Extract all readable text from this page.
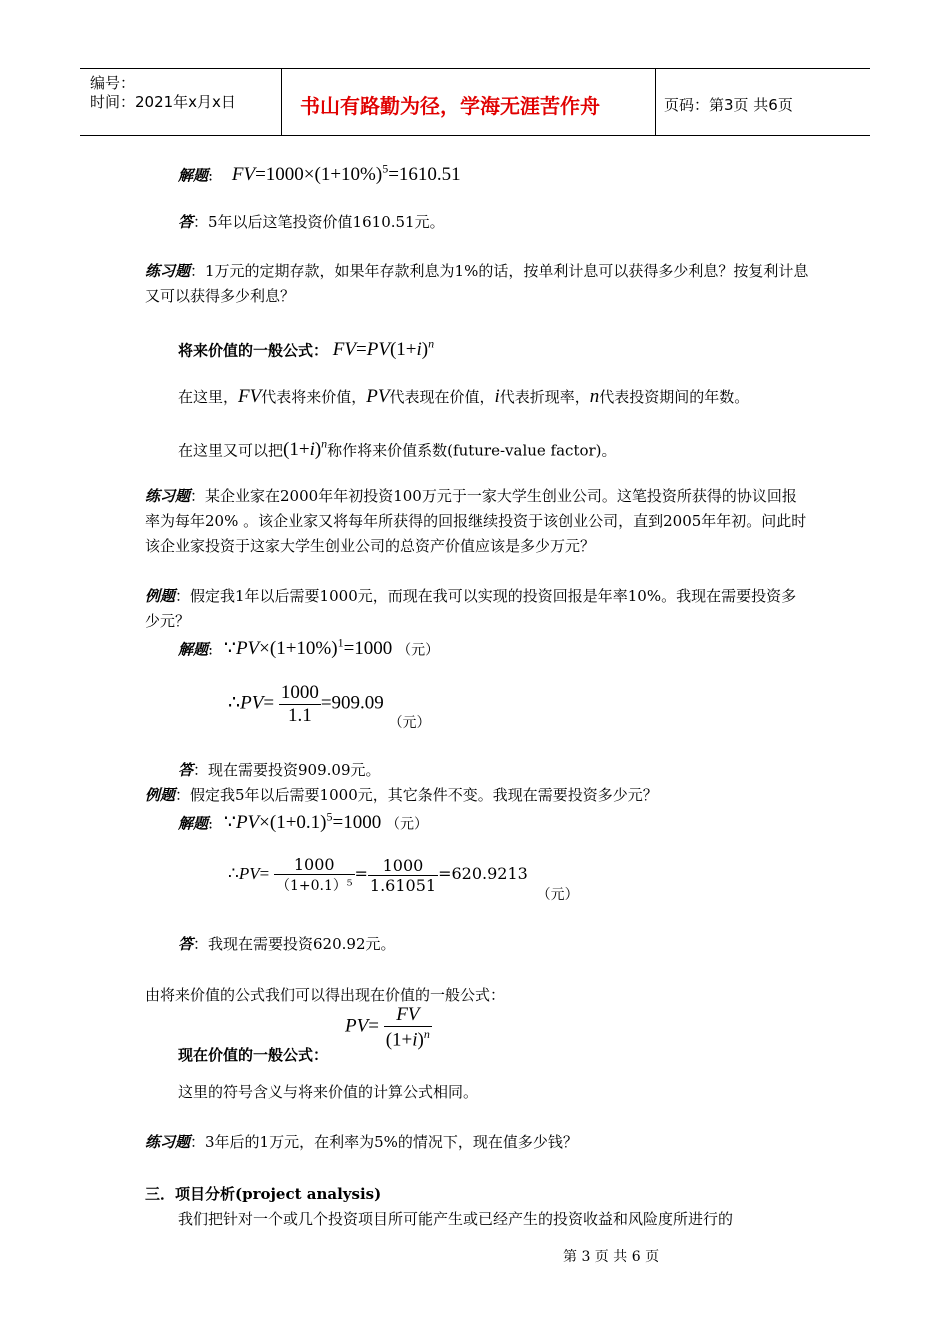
编号：
时间：2021年x月x日	书山有路勤为径，学海无涯苦作舟	页码：第3页 共6页
解题: $FV=1000\times(1+10\%)^5=1610.51$
答：5年以后这笔投资价值1610.51元。
练习题：1万元的定期存款，如果年存款利息为1%的话，按单利计息可以获得多少利息？按复利计息又可以获得多少利息？
将来价值的一般公式： $FV=PV(1+i)^n$
在这里，FV代表将来价值，PV代表现在价值，i代表折现率，n代表投资期间的年数。
在这里又可以把$(1+i)^n$称作将来价值系数(future-value factor)。
练习题：某企业家在2000年年初投资100万元于一家大学生创业公司。这笔投资所获得的协议回报率为每年20% 。该企业家又将每年所获得的回报继续投资于该创业公司，直到2005年年初。问此时该企业家投资于这家大学生创业公司的总资产价值应该是多少万元？
例题：假定我1年以后需要1000元，而现在我可以实现的投资回报是年率10%。我现在需要投资多少元？
解题: $\because PV\times(1+10\%)^1=1000$ （元）
∴PV= $\frac{1000}{1.1} =909.09$ （元）
答：现在需要投资909.09元。
例题：假定我5年以后需要1000元，其它条件不变。我现在需要投资多少元？
解题: $\because PV\times(1+0.1)^5=1000$ （元）
∴PV= $\frac{1000}{\text{（1+0.1）⁵}} = \frac{1000}{1.61051} =620.9213$ （元）
答：我现在需要投资620.92元。
由将来价值的公式我们可以得出现在价值的一般公式：
$PV= \frac{FV}{(1+i)^n}$
现在价值的一般公式：
这里的符号含义与将来价值的计算公式相同。
练习题：3年后的1万元，在利率为5%的情况下，现在值多少钱？
三．项目分析(project analysis)
我们把针对一个或几个投资项目所可能产生或已经产生的投资收益和风险度所进行的
第 3 页 共 6 页
